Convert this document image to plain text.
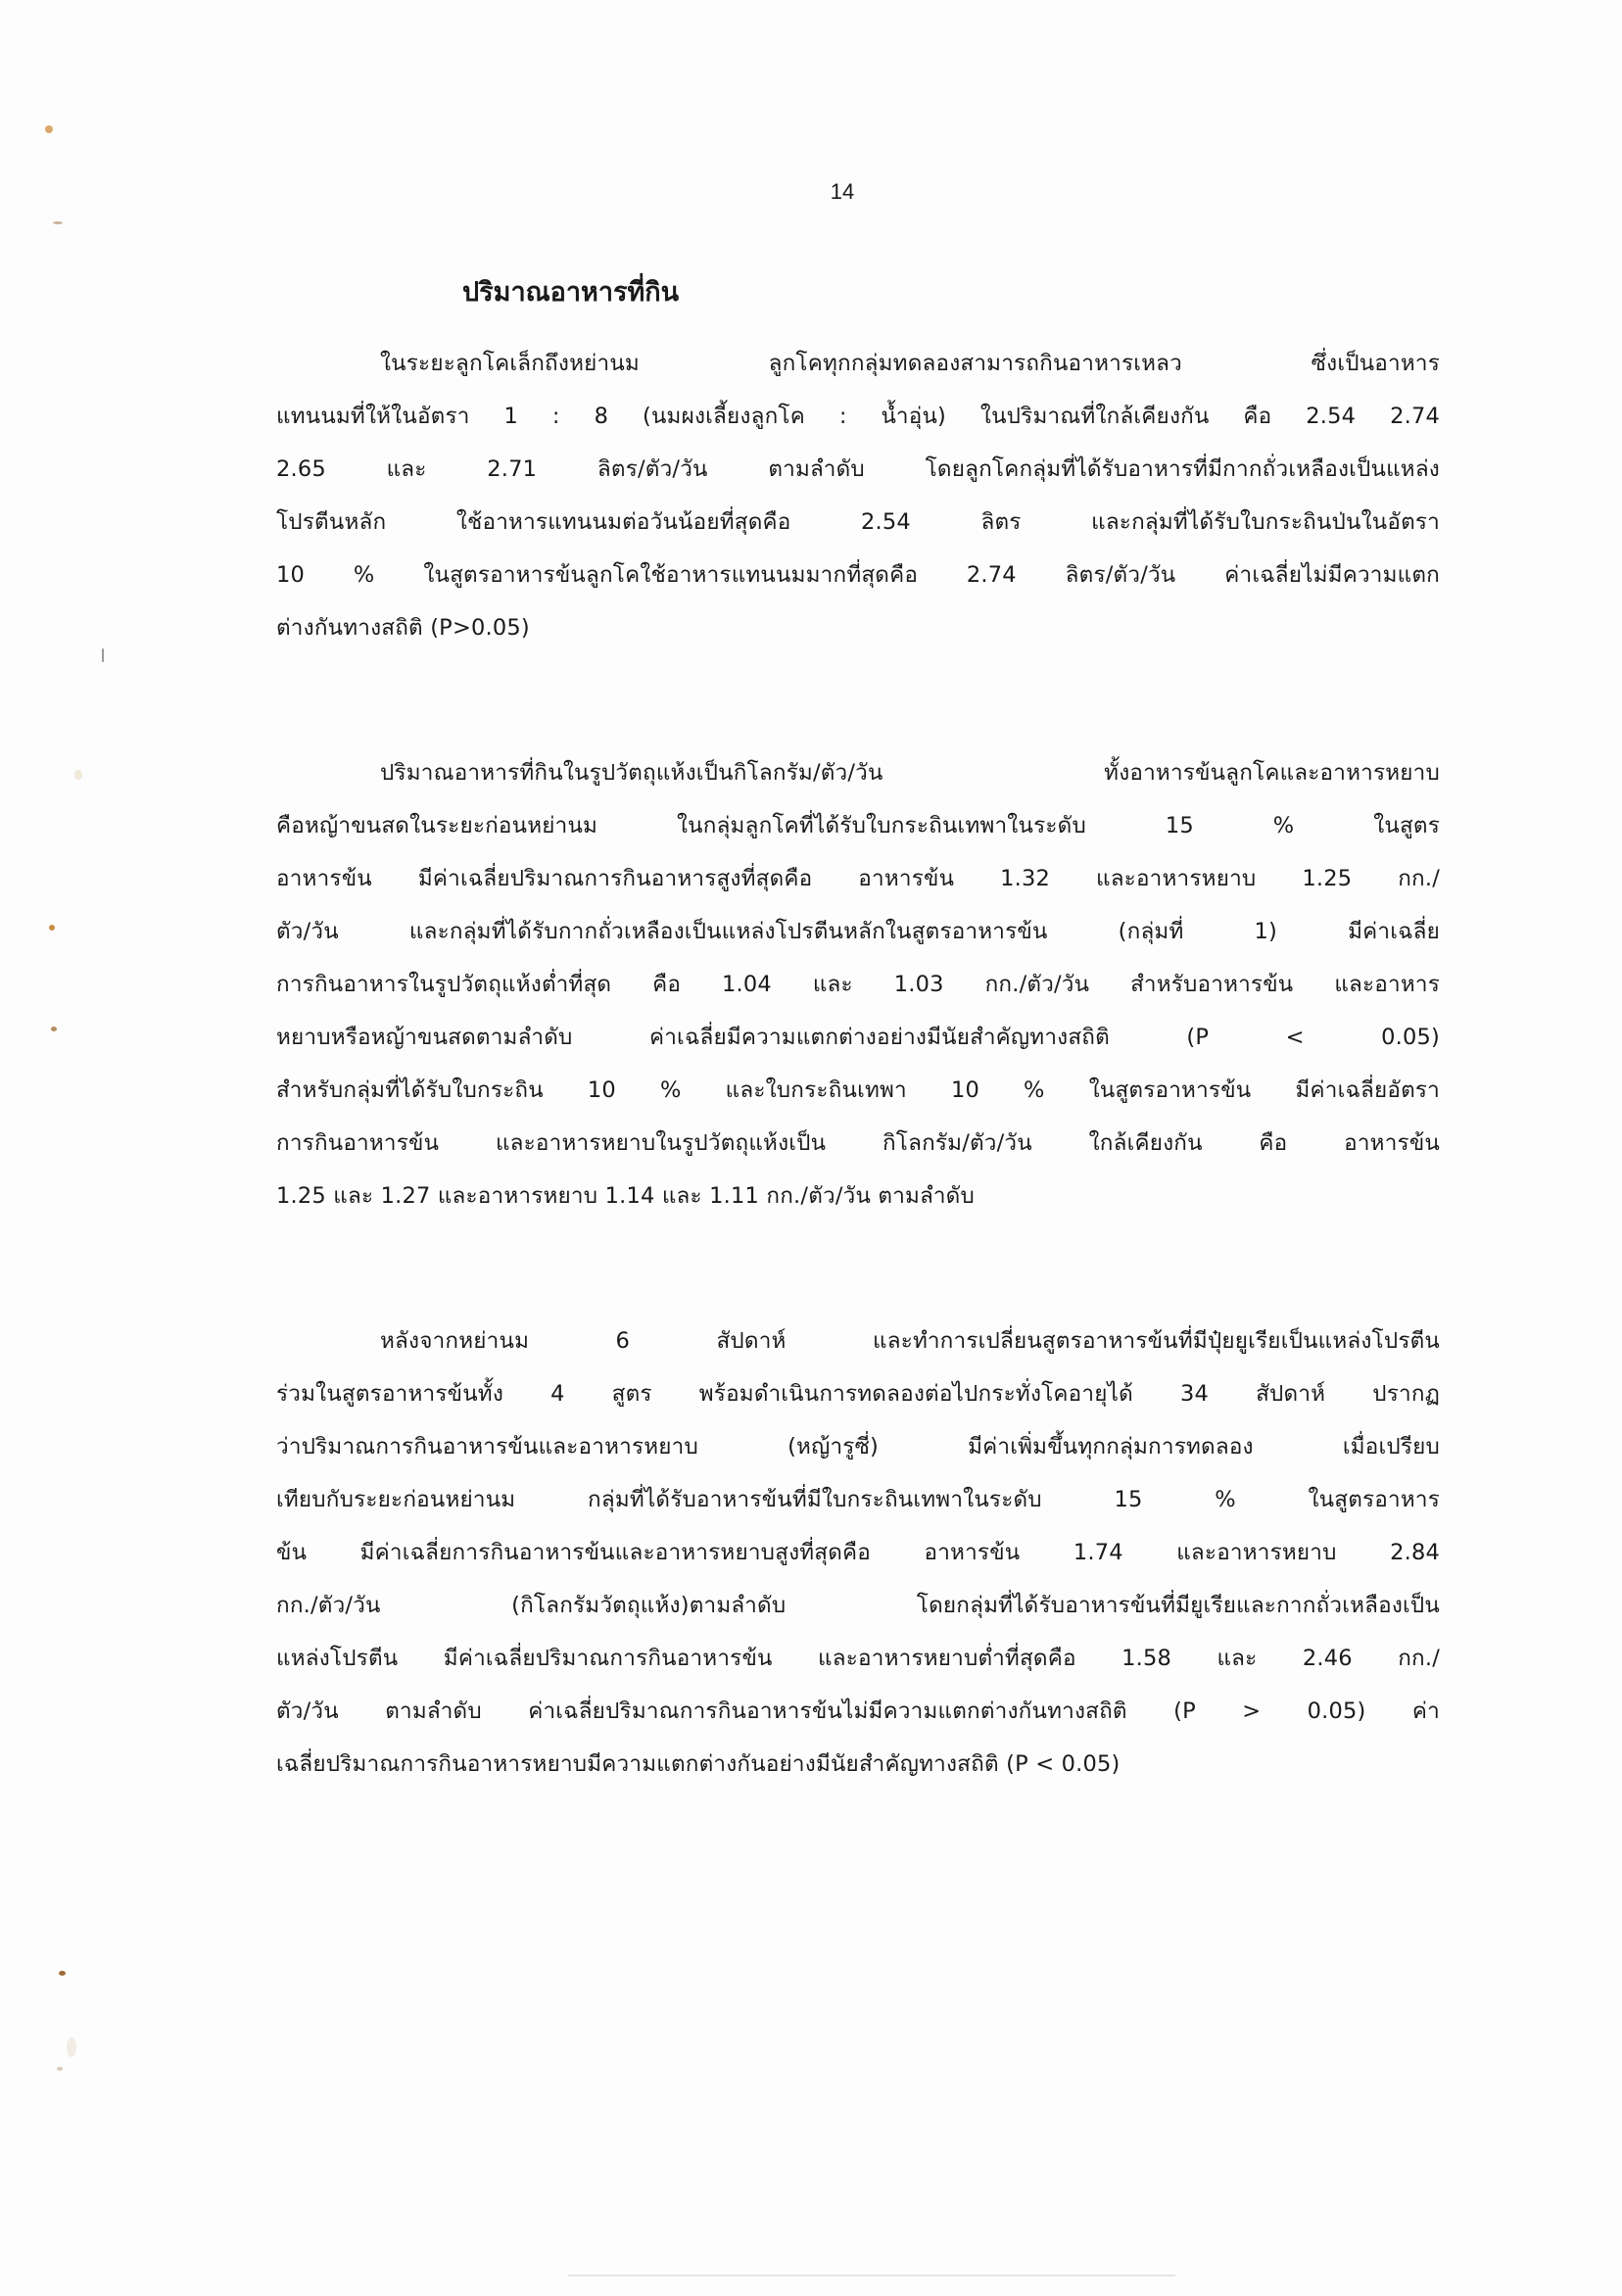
14
ปริมาณอาหารที่กิน
ในระยะลูกโคเล็กถึงหย่านม ลูกโคทุกกลุ่มทดลองสามารถกินอาหารเหลว ซึ่งเป็นอาหาร
แทนนมที่ให้ในอัตรา 1 : 8 (นมผงเลี้ยงลูกโค : น้ำอุ่น) ในปริมาณที่ใกล้เคียงกัน คือ 2.54 2.74
2.65 และ 2.71 ลิตร/ตัว/วัน ตามลำดับ โดยลูกโคกลุ่มที่ได้รับอาหารที่มีกากถั่วเหลืองเป็นแหล่ง
โปรตีนหลัก ใช้อาหารแทนนมต่อวันน้อยที่สุดคือ 2.54 ลิตร และกลุ่มที่ได้รับใบกระถินป่นในอัตรา
10 % ในสูตรอาหารข้นลูกโคใช้อาหารแทนนมมากที่สุดคือ 2.74 ลิตร/ตัว/วัน ค่าเฉลี่ยไม่มีความแตก
ต่างกันทางสถิติ (P>0.05)
ปริมาณอาหารที่กินในรูปวัตถุแห้งเป็นกิโลกรัม/ตัว/วัน ทั้งอาหารข้นลูกโคและอาหารหยาบ
คือหญ้าขนสดในระยะก่อนหย่านม ในกลุ่มลูกโคที่ได้รับใบกระถินเทพาในระดับ 15 % ในสูตร
อาหารข้น มีค่าเฉลี่ยปริมาณการกินอาหารสูงที่สุดคือ อาหารข้น 1.32 และอาหารหยาบ 1.25 กก./
ตัว/วัน และกลุ่มที่ได้รับกากถั่วเหลืองเป็นแหล่งโปรตีนหลักในสูตรอาหารข้น (กลุ่มที่ 1) มีค่าเฉลี่ย
การกินอาหารในรูปวัตถุแห้งต่ำที่สุด คือ 1.04 และ 1.03 กก./ตัว/วัน สำหรับอาหารข้น และอาหาร
หยาบหรือหญ้าขนสดตามลำดับ ค่าเฉลี่ยมีความแตกต่างอย่างมีนัยสำคัญทางสถิติ (P < 0.05)
สำหรับกลุ่มที่ได้รับใบกระถิน 10 % และใบกระถินเทพา 10 % ในสูตรอาหารข้น มีค่าเฉลี่ยอัตรา
การกินอาหารข้น และอาหารหยาบในรูปวัตถุแห้งเป็น กิโลกรัม/ตัว/วัน ใกล้เคียงกัน คือ อาหารข้น
1.25 และ 1.27 และอาหารหยาบ 1.14 และ 1.11 กก./ตัว/วัน ตามลำดับ
หลังจากหย่านม 6 สัปดาห์ และทำการเปลี่ยนสูตรอาหารข้นที่มีปุ๋ยยูเรียเป็นแหล่งโปรตีน
ร่วมในสูตรอาหารข้นทั้ง 4 สูตร พร้อมดำเนินการทดลองต่อไปกระทั่งโคอายุได้ 34 สัปดาห์ ปรากฏ
ว่าปริมาณการกินอาหารข้นและอาหารหยาบ (หญ้ารูซี่) มีค่าเพิ่มขึ้นทุกกลุ่มการทดลอง เมื่อเปรียบ
เทียบกับระยะก่อนหย่านม กลุ่มที่ได้รับอาหารข้นที่มีใบกระถินเทพาในระดับ 15 % ในสูตรอาหาร
ข้น มีค่าเฉลี่ยการกินอาหารข้นและอาหารหยาบสูงที่สุดคือ อาหารข้น 1.74 และอาหารหยาบ 2.84
กก./ตัว/วัน (กิโลกรัมวัตถุแห้ง)ตามลำดับ โดยกลุ่มที่ได้รับอาหารข้นที่มียูเรียและกากถั่วเหลืองเป็น
แหล่งโปรตีน มีค่าเฉลี่ยปริมาณการกินอาหารข้น และอาหารหยาบต่ำที่สุดคือ 1.58 และ 2.46 กก./
ตัว/วัน ตามลำดับ ค่าเฉลี่ยปริมาณการกินอาหารข้นไม่มีความแตกต่างกันทางสถิติ (P > 0.05) ค่า
เฉลี่ยปริมาณการกินอาหารหยาบมีความแตกต่างกันอย่างมีนัยสำคัญทางสถิติ (P < 0.05)
